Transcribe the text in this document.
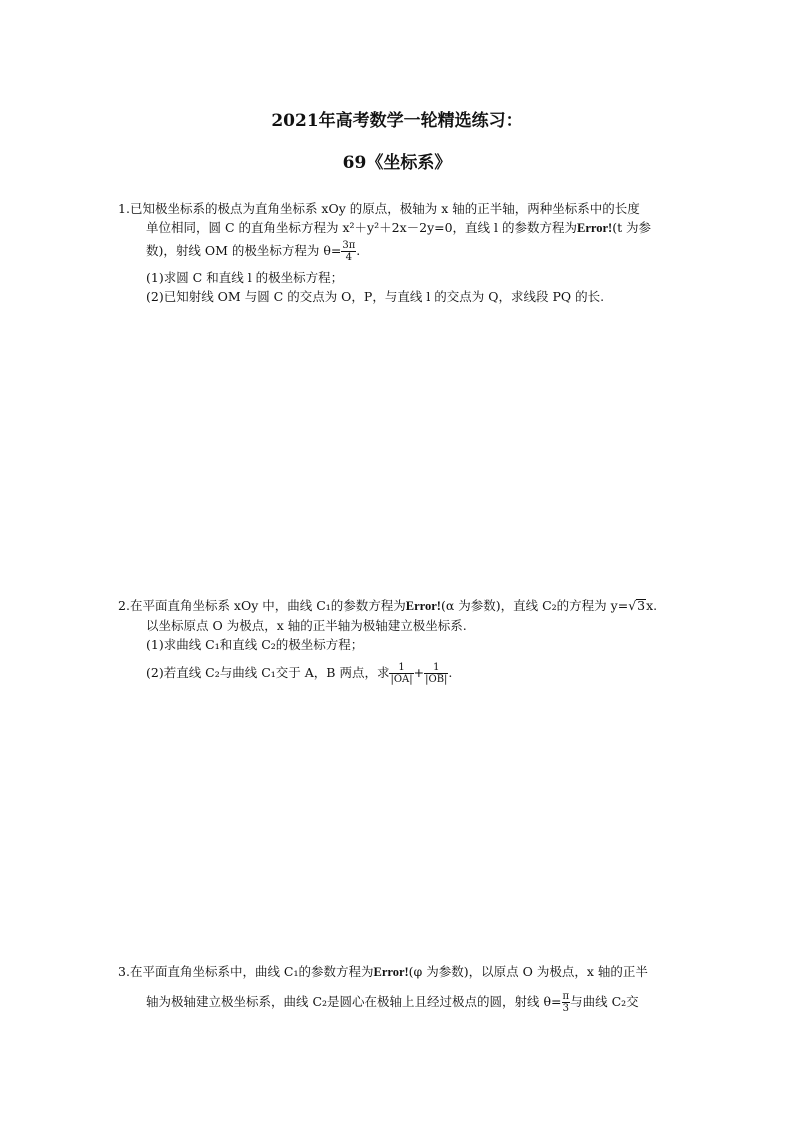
2021年高考数学一轮精选练习：
69《坐标系》
1.已知极坐标系的极点为直角坐标系 xOy 的原点，极轴为 x 轴的正半轴，两种坐标系中的长度
单位相同，圆 C 的直角坐标方程为 x²＋y²＋2x－2y=0，直线 l 的参数方程为Error!(t 为参
数)，射线 OM 的极坐标方程为 $\theta= \frac{3\pi}{4}$ .
(1)求圆 C 和直线 l 的极坐标方程；
(2)已知射线 OM 与圆 C 的交点为 O，P，与直线 l 的交点为 Q，求线段 PQ 的长.
2.在平面直角坐标系 xOy 中，曲线 C₁的参数方程为Error!(α 为参数)，直线 C₂的方程为 y=√3x.
以坐标原点 O 为极点，x 轴的正半轴为极轴建立极坐标系.
(1)求曲线 C₁和直线 C₂的极坐标方程；
(2)若直线 C₂与曲线 C₁交于 A，B 两点，求 $\frac{1}{|OA|} + \frac{1}{|OB|}$ .
3.在平面直角坐标系中，曲线 C₁的参数方程为Error!(φ 为参数)，以原点 O 为极点，x 轴的正半
轴为极轴建立极坐标系，曲线 C₂是圆心在极轴上且经过极点的圆，射线 $\theta= \frac{\pi}{3}$ 与曲线 C₂交
